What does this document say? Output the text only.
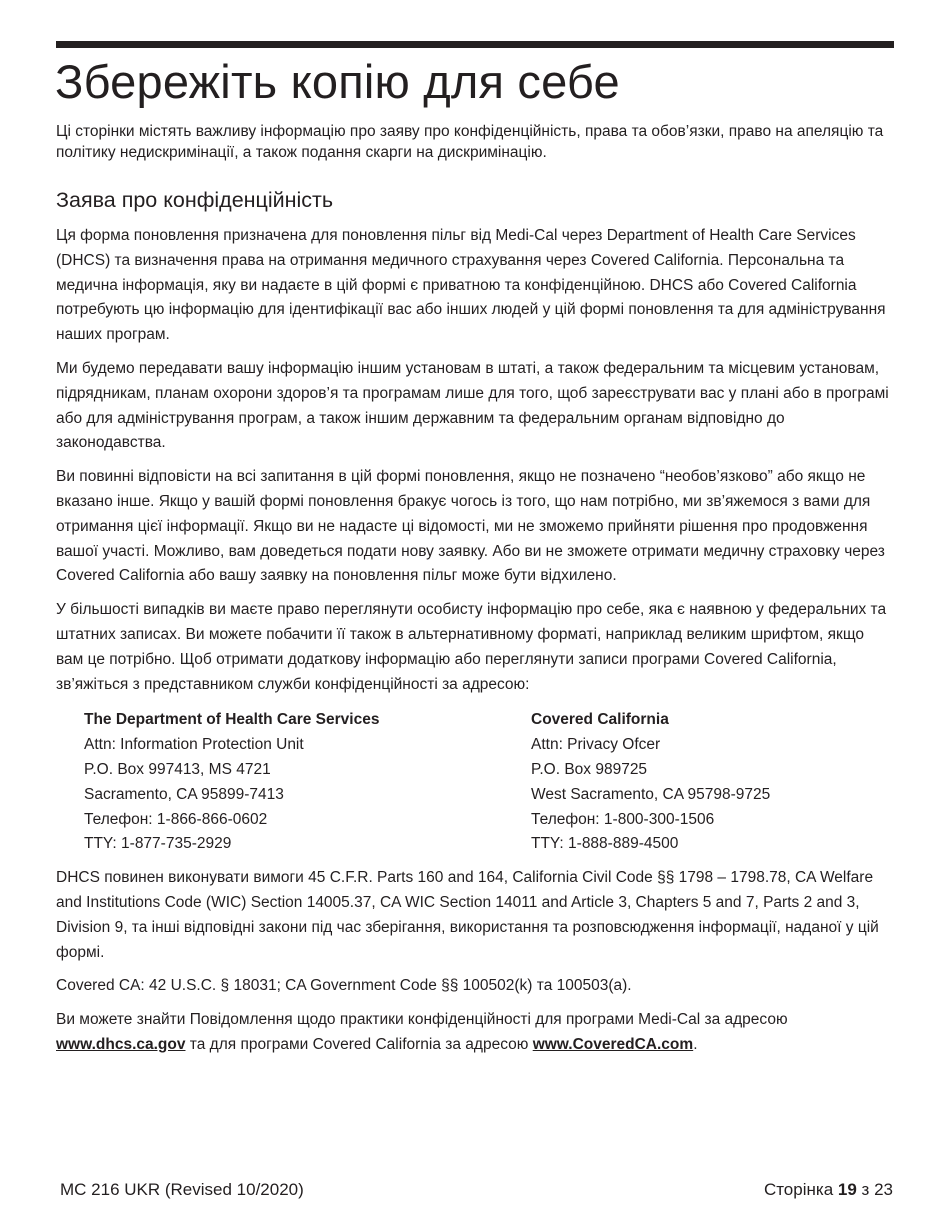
Збережіть копію для себе

Ці сторінки містять важливу інформацію про заяву про конфіденційність, права та обов’язки, право на апеляцію та політику недискримінації, а також подання скарги на дискримінацію.

Заява про конфіденційність

Ця форма поновлення призначена для поновлення пільг від Medi-Cal через Department of Health Care Services (DHCS) та визначення права на отримання медичного страхування через Covered California. Персональна та медична інформація, яку ви надаєте в цій формі є приватною та конфіденційною. DHCS або Covered California потребують цю інформацію для ідентифікації вас або інших людей у цій формі поновлення та для адміністрування наших програм.

Ми будемо передавати вашу інформацію іншим установам в штаті, а також федеральним та місцевим установам, підрядникам, планам охорони здоров’я та програмам лише для того, щоб зареєструвати вас у плані або в програмі або для адміністрування програм, а також іншим державним та федеральним органам відповідно до законодавства.

Ви повинні відповісти на всі запитання в цій формі поновлення, якщо не позначено “необов’язково” або якщо не вказано інше. Якщо у вашій формі поновлення бракує чогось із того, що нам потрібно, ми зв’яжемося з вами для отримання цієї інформації. Якщо ви не надасте ці відомості, ми не зможемо прийняти рішення про продовження вашої участі. Можливо, вам доведеться подати нову заявку. Або ви не зможете отримати медичну страховку через Covered California або вашу заявку на поновлення пільг може бути відхилено.

У більшості випадків ви маєте право переглянути особисту інформацію про себе, яка є наявною у федеральних та штатних записах. Ви можете побачити її також в альтернативному форматі, наприклад великим шрифтом, якщо вам це потрібно. Щоб отримати додаткову інформацію або переглянути записи програми Covered California, зв’яжіться з представником служби конфіденційності за адресою:

The Department of Health Care Services
Attn: Information Protection Unit
P.O. Box 997413, MS 4721
Sacramento, CA 95899-7413
Телефон: 1-866-866-0602
TTY: 1-877-735-2929
Covered California
Attn: Privacy Ofcer
P.O. Box 989725
West Sacramento, CA 95798-9725
Телефон: 1-800-300-1506
TTY: 1-888-889-4500

DHCS повинен виконувати вимоги 45 C.F.R. Parts 160 and 164, California Civil Code §§ 1798 – 1798.78, CA Welfare and Institutions Code (WIC) Section 14005.37, CA WIC Section 14011 and Article 3, Chapters 5 and 7, Parts 2 and 3, Division 9, та інші відповідні закони під час зберігання, використання та розповсюдження інформації, наданої у цій формі.

Covered CA: 42 U.S.C. § 18031; CA Government Code §§ 100502(k) та 100503(a).

Ви можете знайти Повідомлення щодо практики конфіденційності для програми Medi-Cal за адресою www.dhcs.ca.gov та для програми Covered California за адресою www.CoveredCA.com.

MC 216 UKR (Revised 10/2020)	Сторінка 19 з 23
